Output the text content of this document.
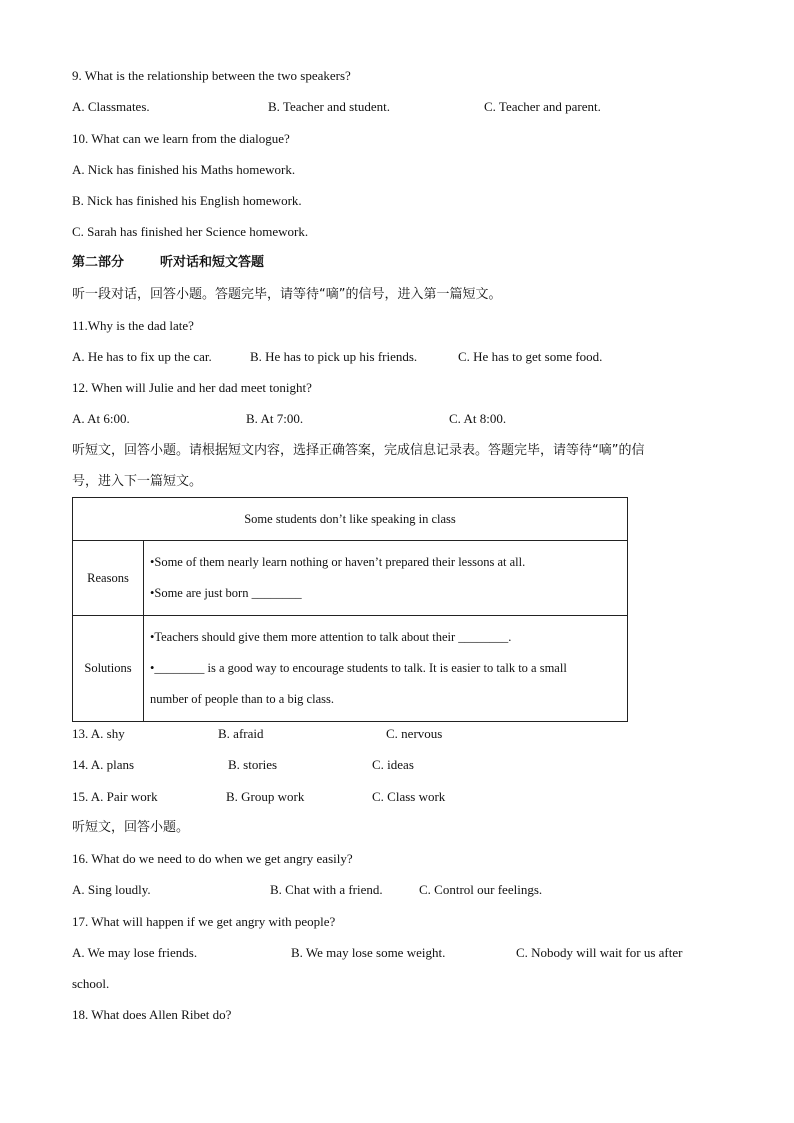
9. What is the relationship between the two speakers?
A. Classmates.	B. Teacher and student.	C. Teacher and parent.
10. What can we learn from the dialogue?
A. Nick has finished his Maths homework.
B. Nick has finished his English homework.
C. Sarah has finished her Science homework.
第二部分	听对话和短文答题
听一段对话，回答小题。答题完毕，请等待“嘀”的信号，进入第一篇短文。
11.Why is the dad late?
A. He has to fix up the car.	B. He has to pick up his friends.	C. He has to get some food.
12. When will Julie and her dad meet tonight?
A. At 6:00.	B. At 7:00.	C. At 8:00.
听短文，回答小题。请根据短文内容，选择正确答案，完成信息记录表。答题完毕，请等待“嘀”的信
号，进入下一篇短文。
Some students don’t like speaking in class	
Reasons	•Some of them nearly learn nothing or haven’t prepared their lessons at all.
•Some are just born ________

Solutions	•Teachers should give them more attention to talk about their ________.
•________ is a good way to encourage students to talk. It is easier to talk to a small
number of people than to a big class.
13. A. shy	B. afraid	C. nervous
14. A. plans	B. stories	C. ideas
15. A. Pair work	B. Group work	C. Class work
听短文，回答小题。
16. What do we need to do when we get angry easily?
A. Sing loudly.	B. Chat with a friend.	C. Control our feelings.
17. What will happen if we get angry with people?
A. We may lose friends.	B. We may lose some weight.	C. Nobody will wait for us after
school.
18. What does Allen Ribet do?
